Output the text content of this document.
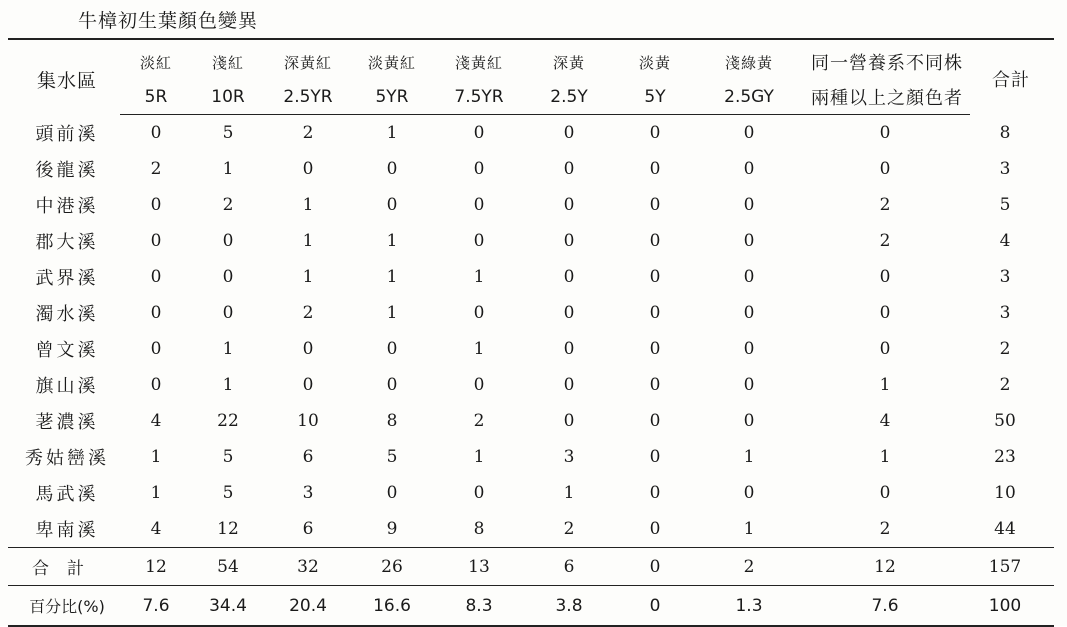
牛樟初生葉顏色變異
集水區	淡紅	淺紅	深黃紅	淡黃紅	淺黃紅	深黃	淡黃	淺綠黃	同一營養系不同株	合計
	5R	10R	2.5YR	5YR	7.5YR	2.5Y	5Y	2.5GY	兩種以上之顏色者	
頭前溪	0	5	2	1	0	0	0	0	0	8
後龍溪	2	1	0	0	0	0	0	0	0	3
中港溪	0	2	1	0	0	0	0	0	2	5
郡大溪	0	0	1	1	0	0	0	0	2	4
武界溪	0	0	1	1	1	0	0	0	0	3
濁水溪	0	0	2	1	0	0	0	0	0	3
曾文溪	0	1	0	0	1	0	0	0	0	2
旗山溪	0	1	0	0	0	0	0	0	1	2
荖濃溪	4	22	10	8	2	0	0	0	4	50
秀姑巒溪	1	5	6	5	1	3	0	1	1	23
馬武溪	1	5	3	0	0	1	0	0	0	10
卑南溪	4	12	6	9	8	2	0	1	2	44
合計	12	54	32	26	13	6	0	2	12	157
百分比(%)	7.6	34.4	20.4	16.6	8.3	3.8	0	1.3	7.6	100
